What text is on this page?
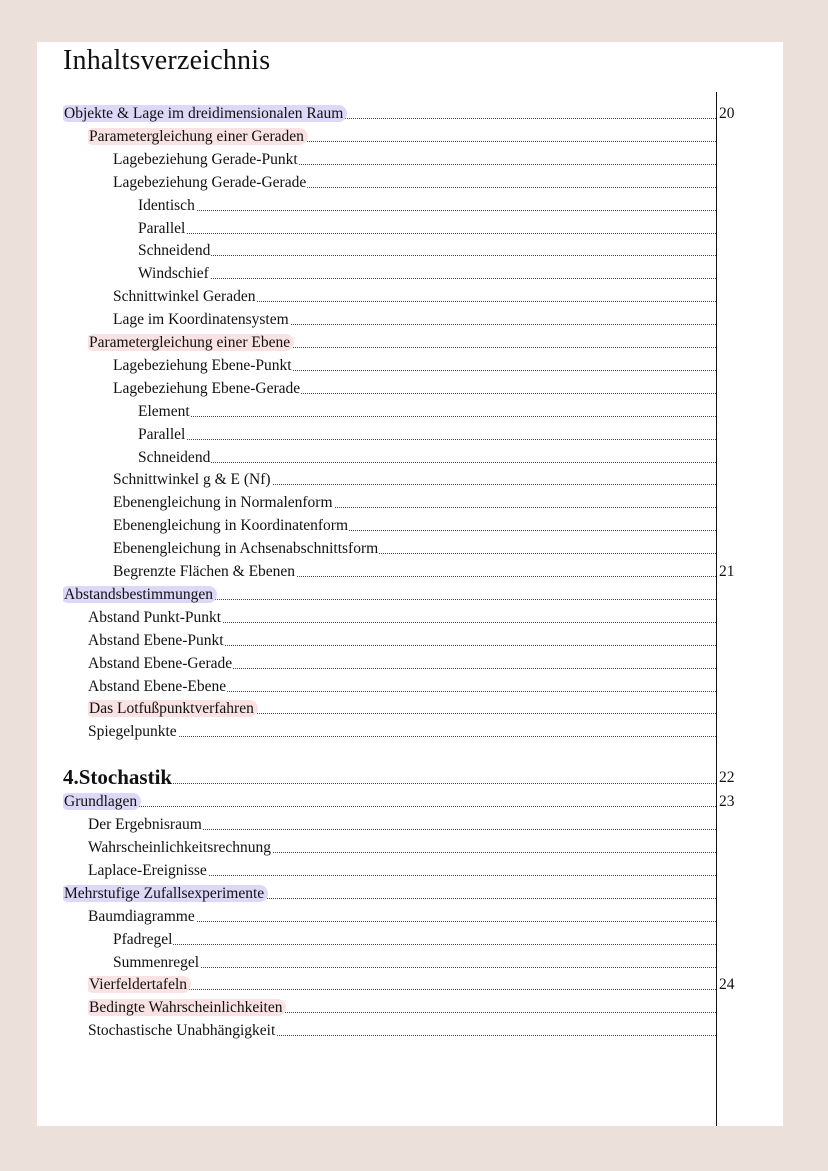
Inhaltsverzeichnis
Objekte & Lage im dreidimensionalen Raum	20
Parametergleichung einer Geraden
Lagebeziehung Gerade-Punkt
Lagebeziehung Gerade-Gerade
Identisch
Parallel
Schneidend
Windschief
Schnittwinkel Geraden
Lage im Koordinatensystem
Parametergleichung einer Ebene
Lagebeziehung Ebene-Punkt
Lagebeziehung Ebene-Gerade
Element
Parallel
Schneidend
Schnittwinkel g & E (Nf)
Ebenengleichung in Normalenform
Ebenengleichung in Koordinatenform
Ebenengleichung in Achsenabschnittsform
Begrenzte Flächen & Ebenen	21
Abstandsbestimmungen
Abstand Punkt-Punkt
Abstand Ebene-Punkt
Abstand Ebene-Gerade
Abstand Ebene-Ebene
Das Lotfußpunktverfahren
Spiegelpunkte
4.Stochastik	22
Grundlagen	23
Der Ergebnisraum
Wahrscheinlichkeitsrechnung
Laplace-Ereignisse
Mehrstufige Zufallsexperimente
Baumdiagramme
Pfadregel
Summenregel
Vierfeldertafeln	24
Bedingte Wahrscheinlichkeiten
Stochastische Unabhängigkeit
